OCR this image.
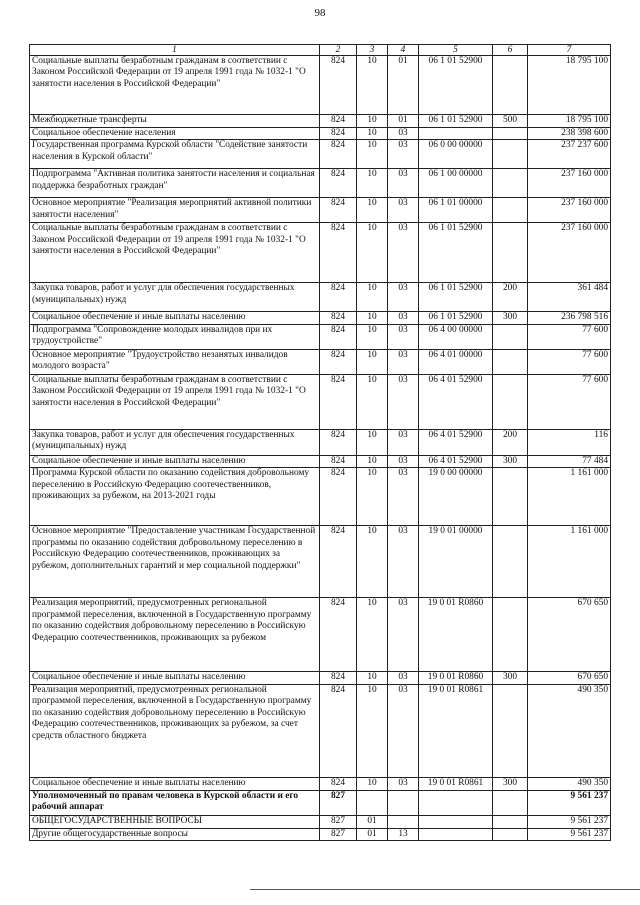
98
1	2	3	4	5	6	7
Социальные выплаты безработным гражданам в соответствии с Законом Российской Федерации от 19 апреля 1991 года № 1032-1 "О занятости населения в Российской Федерации"	824	10	01	06 1 01 52900		18 795 100
Межбюджетные трансферты	824	10	01	06 1 01 52900	500	18 795 100
Социальное обеспечение населения	824	10	03			238 398 600
Государственная программа Курской области "Содействие занятости населения в Курской области"	824	10	03	06 0 00 00000		237 237 600
Подпрограмма "Активная политика занятости населения и социальная поддержка безработных граждан"	824	10	03	06 1 00 00000		237 160 000
Основное мероприятие "Реализация мероприятий активной политики занятости населения"	824	10	03	06 1 01 00000		237 160 000
Социальные выплаты безработным гражданам в соответствии с Законом Российской Федерации от 19 апреля 1991 года № 1032-1 "О занятости населения в Российской Федерации"	824	10	03	06 1 01 52900		237 160 000
Закупка товаров, работ и услуг для обеспечения государственных (муниципальных) нужд	824	10	03	06 1 01 52900	200	361 484
Социальное обеспечение и иные выплаты населению	824	10	03	06 1 01 52900	300	236 798 516
Подпрограмма "Сопровождение молодых инвалидов при их трудоустройстве"	824	10	03	06 4 00 00000		77 600
Основное мероприятие "Трудоустройство незанятых инвалидов молодого возраста"	824	10	03	06 4 01 00000		77 600
Социальные выплаты безработным гражданам в соответствии с Законом Российской Федерации от 19 апреля 1991 года № 1032-1 "О занятости населения в Российской Федерации"	824	10	03	06 4 01 52900		77 600
Закупка товаров, работ и услуг для обеспечения государственных (муниципальных) нужд	824	10	03	06 4 01 52900	200	116
Социальное обеспечение и иные выплаты населению	824	10	03	06 4 01 52900	300	77 484
Программа Курской области по оказанию содействия добровольному переселению в Российскую Федерацию соотечественников, проживающих за рубежом, на 2013-2021 годы	824	10	03	19 0 00 00000		1 161 000
Основное мероприятие "Предоставление участникам Государственной программы по оказанию содействия добровольному переселению в Российскую Федерацию соотечественников, проживающих за рубежом, дополнительных гарантий и мер социальной поддержки"	824	10	03	19 0 01 00000		1 161 000
Реализация мероприятий, предусмотренных региональной программой переселения, включенной в Государственную программу по оказанию содействия добровольному переселению в Российскую Федерацию соотечественников, проживающих за рубежом	824	10	03	19 0 01 R0860		670 650
Социальное обеспечение и иные выплаты населению	824	10	03	19 0 01 R0860	300	670 650
Реализация мероприятий, предусмотренных региональной программой переселения, включенной в Государственную программу по оказанию содействия добровольному переселению в Российскую Федерацию соотечественников, проживающих за рубежом, за счет средств областного бюджета	824	10	03	19 0 01 R0861		490 350
Социальное обеспечение и иные выплаты населению	824	10	03	19 0 01 R0861	300	490 350
Уполномоченный по правам человека в Курской области и его рабочий аппарат	827					9 561 237
ОБЩЕГОСУДАРСТВЕННЫЕ ВОПРОСЫ	827	01				9 561 237
Другие общегосударственные вопросы	827	01	13			9 561 237
